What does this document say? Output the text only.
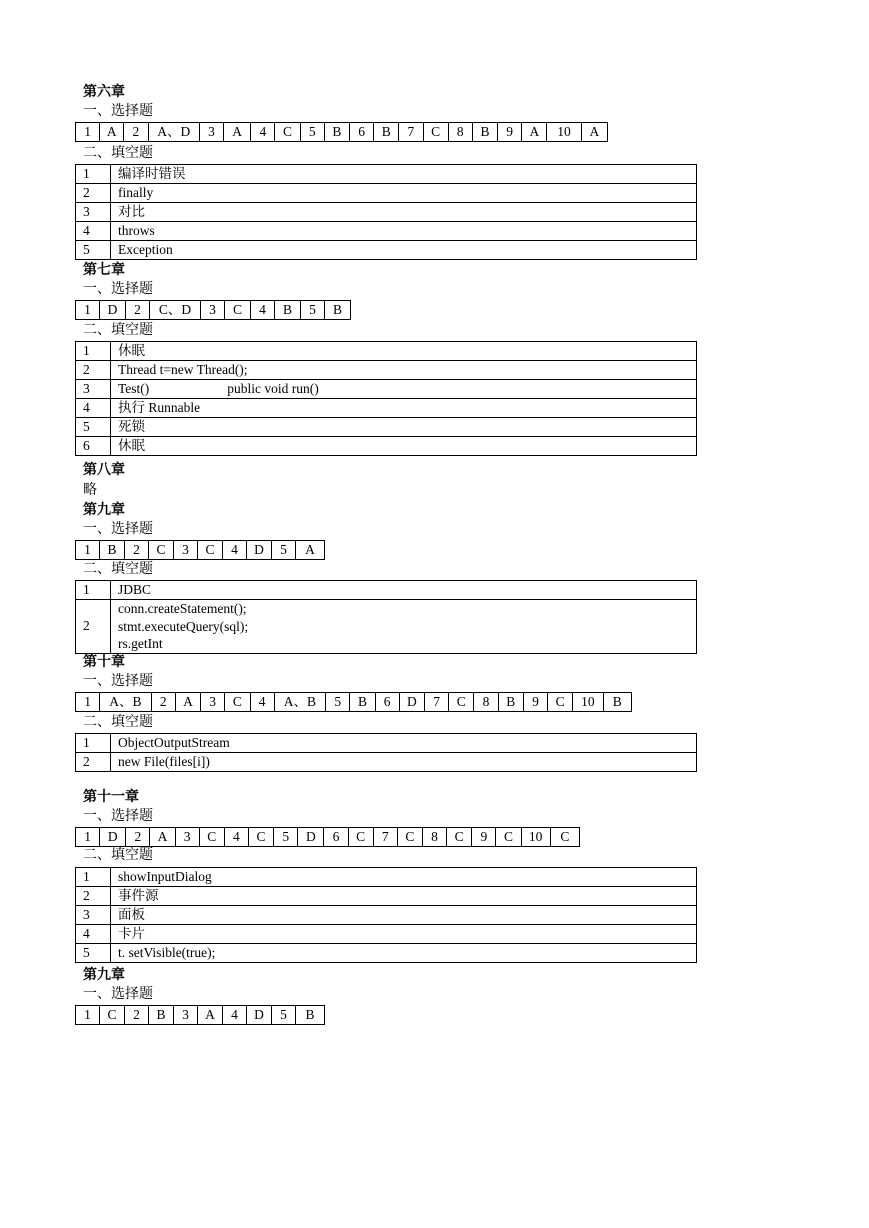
第六章
一、选择题
1	A	2	A、D	3	A	4	C	5	B	6	B	7	C	8	B	9	A	10	A
二、填空题
1	编译时错误
2	finally
3	对比
4	throws
5	Exception
第七章
一、选择题
1	D	2	C、D	3	C	4	B	5	B
二、填空题
1	休眠
2	Thread t=new Thread();
3	Test() public void run()
4	执行 Runnable
5	死锁
6	休眠
第八章
略
第九章
一、选择题
1	B	2	C	3	C	4	D	5	A
二、填空题
1	JDBC
2	conn.createStatement();
stmt.executeQuery(sql);
rs.getInt
第十章
一、选择题
1	A、B	2	A	3	C	4	A、B	5	B	6	D	7	C	8	B	9	C	10	B
二、填空题
1	ObjectOutputStream
2	new File(files[i])
第十一章
一、选择题
1	D	2	A	3	C	4	C	5	D	6	C	7	C	8	C	9	C	10	C
二、填空题
1	showInputDialog
2	事件源
3	面板
4	卡片
5	t. setVisible(true);
第九章
一、选择题
1	C	2	B	3	A	4	D	5	B
